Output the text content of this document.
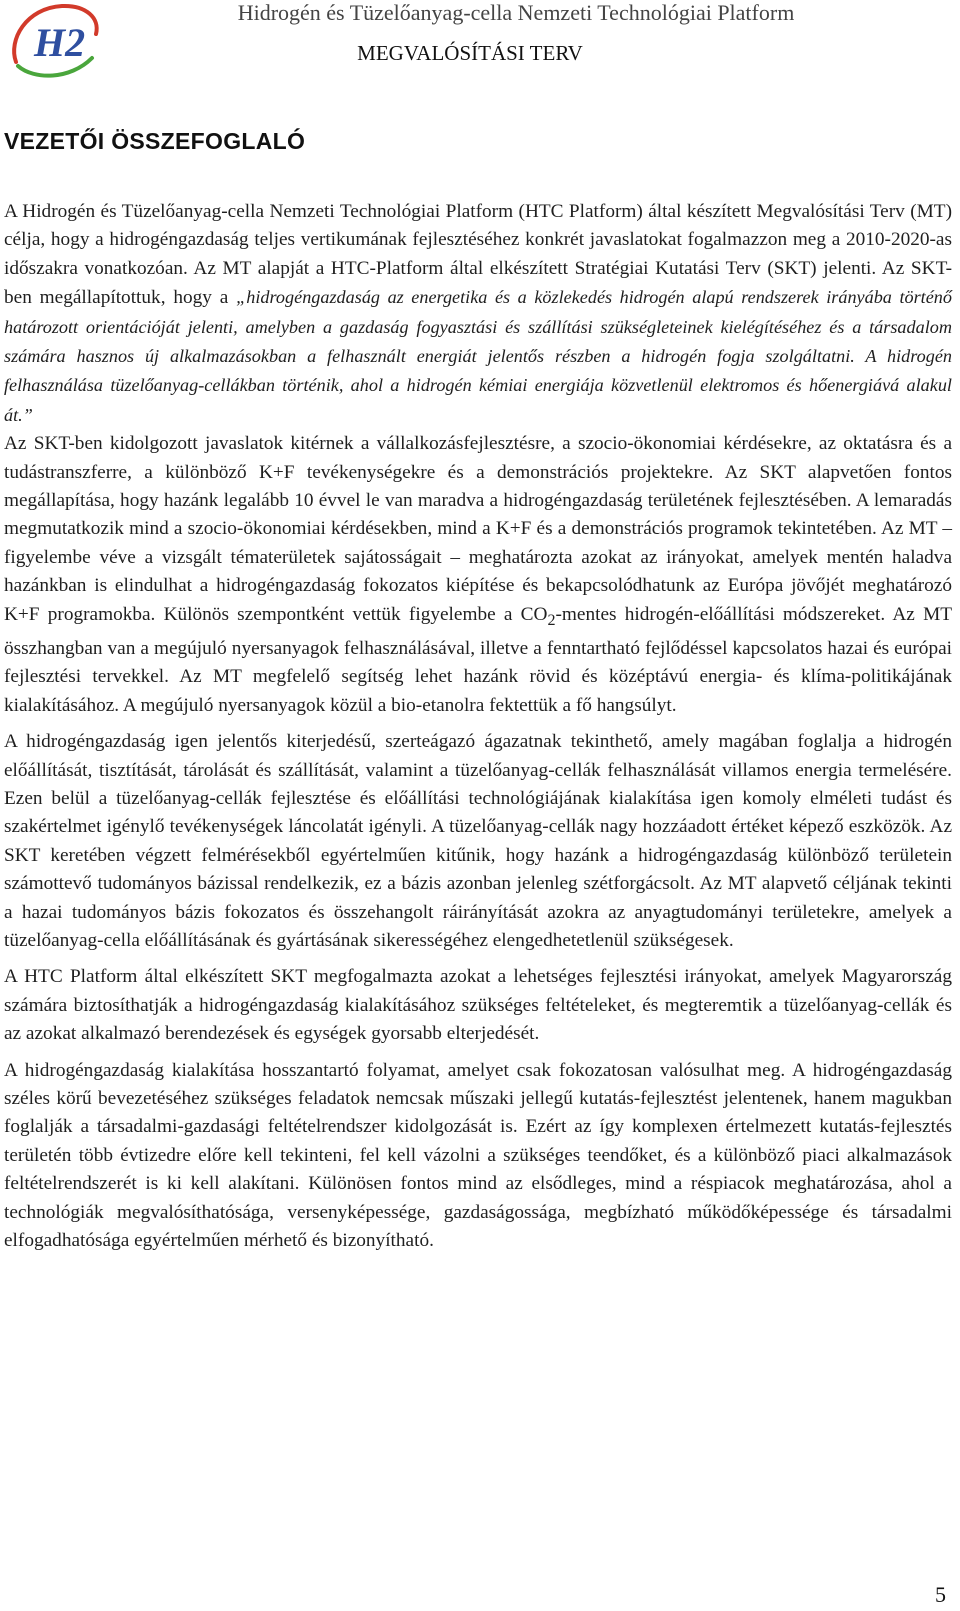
H2
Hidrogén és Tüzelőanyag-cella Nemzeti Technológiai Platform
MEGVALÓSÍTÁSI TERV
VEZETŐI ÖSSZEFOGLALÓ

A Hidrogén és Tüzelőanyag-cella Nemzeti Technológiai Platform (HTC Platform) által készített Megvalósítási Terv (MT) célja, hogy a hidrogéngazdaság teljes vertikumának fejlesztéséhez konkrét javaslatokat fogalmazzon meg a 2010-2020-as időszakra vonatkozóan. Az MT alapját a HTC-Platform által elkészített Stratégiai Kutatási Terv (SKT) jelenti. Az SKT-ben megállapítottuk, hogy a „hidrogéngazdaság az energetika és a közlekedés hidrogén alapú rendszerek irányába történő határozott orientációját jelenti, amelyben a gazdaság fogyasztási és szállítási szükségleteinek kielégítéséhez és a társadalom számára hasznos új alkalmazásokban a felhasznált energiát jelentős részben a hidrogén fogja szolgáltatni. A hidrogén felhasználása tüzelőanyag-cellákban történik, ahol a hidrogén kémiai energiája közvetlenül elektromos és hőenergiává alakul át.”
Az SKT-ben kidolgozott javaslatok kitérnek a vállalkozásfejlesztésre, a szocio-ökonomiai kérdésekre, az oktatásra és a tudástranszferre, a különböző K+F tevékenységekre és a demonstrációs projektekre. Az SKT alapvetően fontos megállapítása, hogy hazánk legalább 10 évvel le van maradva a hidrogéngazdaság területének fejlesztésében. A lemaradás megmutatkozik mind a szocio-ökonomiai kérdésekben, mind a K+F és a demonstrációs programok tekintetében. Az MT – figyelembe véve a vizsgált tématerületek sajátosságait – meghatározta azokat az irányokat, amelyek mentén haladva hazánkban is elindulhat a hidrogéngazdaság fokozatos kiépítése és bekapcsolódhatunk az Európa jövőjét meghatározó K+F programokba. Különös szempontként vettük figyelembe a $CO_2$-mentes hidrogén-előállítási módszereket. Az MT összhangban van a megújuló nyersanyagok felhasználásával, illetve a fenntartható fejlődéssel kapcsolatos hazai és európai fejlesztési tervekkel. Az MT megfelelő segítség lehet hazánk rövid és középtávú energia- és klíma-politikájának kialakításához. A megújuló nyersanyagok közül a bio-etanolra fektettük a fő hangsúlyt.

A hidrogéngazdaság igen jelentős kiterjedésű, szerteágazó ágazatnak tekinthető, amely magában foglalja a hidrogén előállítását, tisztítását, tárolását és szállítását, valamint a tüzelőanyag-cellák felhasználását villamos energia termelésére. Ezen belül a tüzelőanyag-cellák fejlesztése és előállítási technológiájának kialakítása igen komoly elméleti tudást és szakértelmet igénylő tevékenységek láncolatát igényli. A tüzelőanyag-cellák nagy hozzáadott értéket képező eszközök. Az SKT keretében végzett felmérésekből egyértelműen kitűnik, hogy hazánk a hidrogéngazdaság különböző területein számottevő tudományos bázissal rendelkezik, ez a bázis azonban jelenleg szétforgácsolt. Az MT alapvető céljának tekinti a hazai tudományos bázis fokozatos és összehangolt ráirányítását azokra az anyagtudományi területekre, amelyek a tüzelőanyag-cella előállításának és gyártásának sikerességéhez elengedhetetlenül szükségesek.

A HTC Platform által elkészített SKT megfogalmazta azokat a lehetséges fejlesztési irányokat, amelyek Magyarország számára biztosíthatják a hidrogéngazdaság kialakításához szükséges feltételeket, és megteremtik a tüzelőanyag-cellák és az azokat alkalmazó berendezések és egységek gyorsabb elterjedését.

A hidrogéngazdaság kialakítása hosszantartó folyamat, amelyet csak fokozatosan valósulhat meg. A hidrogéngazdaság széles körű bevezetéséhez szükséges feladatok nemcsak műszaki jellegű kutatás-fejlesztést jelentenek, hanem magukban foglalják a társadalmi-gazdasági feltételrendszer kidolgozását is. Ezért az így komplexen értelmezett kutatás-fejlesztés területén több évtizedre előre kell tekinteni, fel kell vázolni a szükséges teendőket, és a különböző piaci alkalmazások feltételrendszerét is ki kell alakítani. Különösen fontos mind az elsődleges, mind a réspiacok meghatározása, ahol a technológiák megvalósíthatósága, versenyképessége, gazdaságossága, megbízható működőképessége és társadalmi elfogadhatósága egyértelműen mérhető és bizonyítható.

5
